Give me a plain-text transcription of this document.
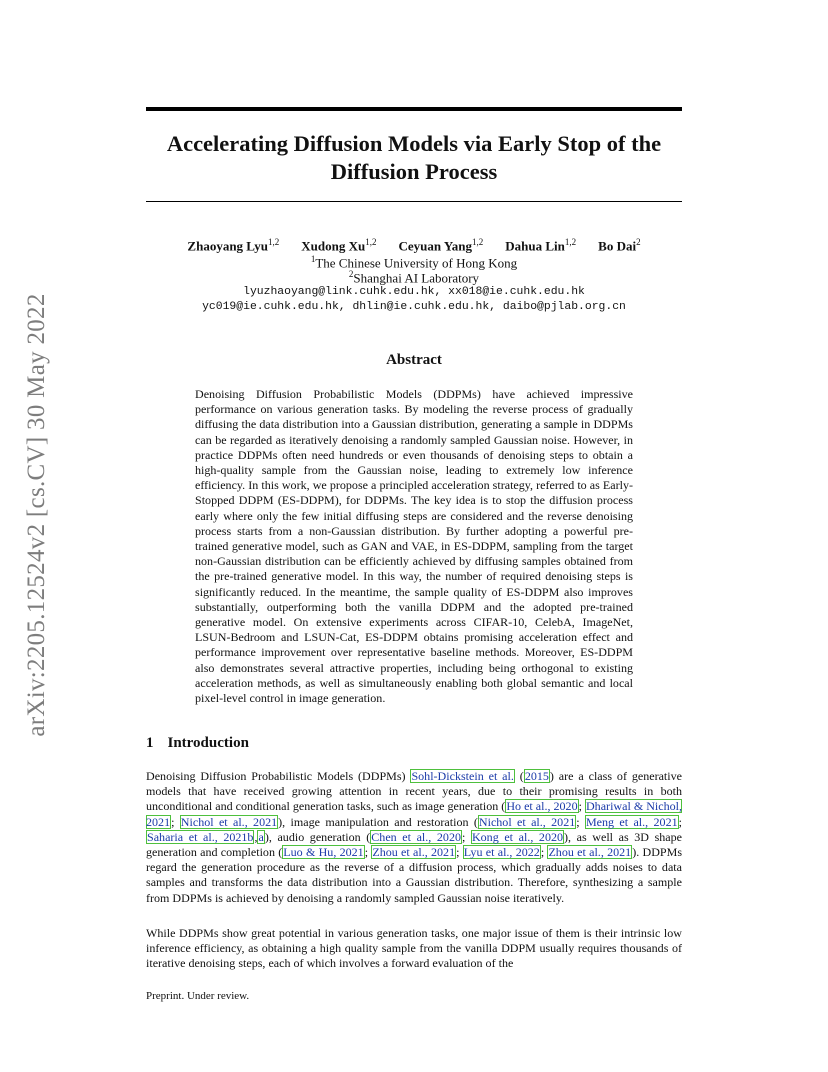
arXiv:2205.12524v2 [cs.CV] 30 May 2022
Accelerating Diffusion Models via Early Stop of the Diffusion Process
Zhaoyang Lyu$^{1,2}$ Xudong Xu$^{1,2}$ Ceyuan Yang$^{1,2}$ Dahua Lin$^{1,2}$ Bo Dai$^2$
$^1$The Chinese University of Hong Kong
$^2$Shanghai AI Laboratory
lyuzhaoyang@link.cuhk.edu.hk, xx018@ie.cuhk.edu.hk
yc019@ie.cuhk.edu.hk, dhlin@ie.cuhk.edu.hk, daibo@pjlab.org.cn
Abstract
Denoising Diffusion Probabilistic Models (DDPMs) have achieved impressive performance on various generation tasks. By modeling the reverse process of gradually diffusing the data distribution into a Gaussian distribution, generating a sample in DDPMs can be regarded as iteratively denoising a randomly sampled Gaussian noise. However, in practice DDPMs often need hundreds or even thousands of denoising steps to obtain a high-quality sample from the Gaussian noise, leading to extremely low inference efficiency. In this work, we propose a principled acceleration strategy, referred to as Early-Stopped DDPM (ES-DDPM), for DDPMs. The key idea is to stop the diffusion process early where only the few initial diffusing steps are considered and the reverse denoising process starts from a non-Gaussian distribution. By further adopting a powerful pre-trained generative model, such as GAN and VAE, in ES-DDPM, sampling from the target non-Gaussian distribution can be efficiently achieved by diffusing samples obtained from the pre-trained generative model. In this way, the number of required denoising steps is significantly reduced. In the meantime, the sample quality of ES-DDPM also improves substantially, outperforming both the vanilla DDPM and the adopted pre-trained generative model. On extensive experiments across CIFAR-10, CelebA, ImageNet, LSUN-Bedroom and LSUN-Cat, ES-DDPM obtains promising acceleration effect and performance improvement over representative baseline methods. Moreover, ES-DDPM also demonstrates several attractive properties, including being orthogonal to existing acceleration methods, as well as simultaneously enabling both global semantic and local pixel-level control in image generation.
1 Introduction
Denoising Diffusion Probabilistic Models (DDPMs) Sohl-Dickstein et al. (2015) are a class of generative models that have received growing attention in recent years, due to their promising results in both unconditional and conditional generation tasks, such as image generation (Ho et al., 2020; Dhariwal & Nichol, 2021; Nichol et al., 2021), image manipulation and restoration (Nichol et al., 2021; Meng et al., 2021; Saharia et al., 2021b,a), audio generation (Chen et al., 2020; Kong et al., 2020), as well as 3D shape generation and completion (Luo & Hu, 2021; Zhou et al., 2021; Lyu et al., 2022; Zhou et al., 2021). DDPMs regard the generation procedure as the reverse of a diffusion process, which gradually adds noises to data samples and transforms the data distribution into a Gaussian distribution. Therefore, synthesizing a sample from DDPMs is achieved by denoising a randomly sampled Gaussian noise iteratively.
While DDPMs show great potential in various generation tasks, one major issue of them is their intrinsic low inference efficiency, as obtaining a high quality sample from the vanilla DDPM usually requires thousands of iterative denoising steps, each of which involves a forward evaluation of the
Preprint. Under review.
